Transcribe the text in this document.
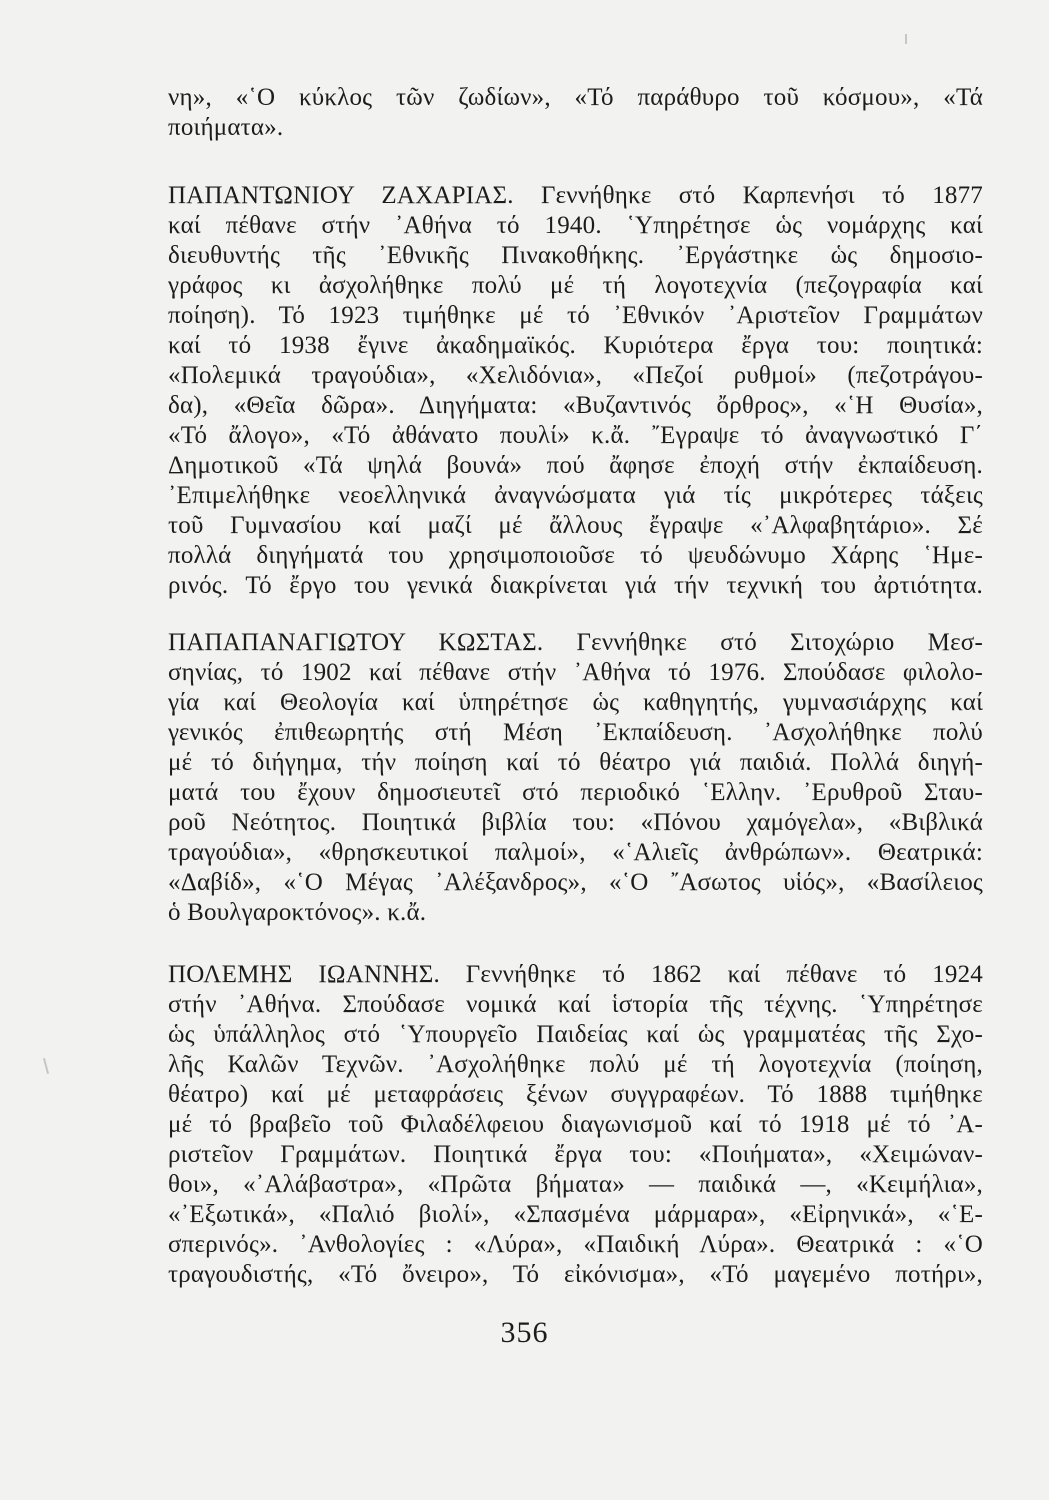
νη», «῾Ο κύκλος τῶν ζωδίων», «Τό παράθυρο τοῦ κόσμου», «Τά
ποιήματα».
ΠΑΠΑΝΤΩΝΙΟΥ ΖΑΧΑΡΙΑΣ. Γεννήθηκε στό Καρπενήσι τό 1877
καί πέθανε στήν ᾿Αθήνα τό 1940. ῾Υπηρέτησε ὡς νομάρχης καί
διευθυντής τῆς ᾿Εθνικῆς Πινακοθήκης. ᾿Εργάστηκε ὡς δημοσιο-
γράφος κι ἀσχολήθηκε πολύ μέ τή λογοτεχνία (πεζογραφία καί
ποίηση). Τό 1923 τιμήθηκε μέ τό ᾿Εθνικόν ᾿Αριστεῖον Γραμμάτων
καί τό 1938 ἔγινε ἀκαδημαϊκός. Κυριότερα ἔργα του: ποιητικά:
«Πολεμικά τραγούδια», «Χελιδόνια», «Πεζοί ρυθμοί» (πεζοτράγου-
δα), «Θεῖα δῶρα». Διηγήματα: «Βυζαντινός ὄρθρος», «῾Η Θυσία»,
«Τό ἄλογο», «Τό ἀθάνατο πουλί» κ.ἄ. ῎Εγραψε τό ἀναγνωστικό Γ΄
Δημοτικοῦ «Τά ψηλά βουνά» πού ἄφησε ἐποχή στήν ἐκπαίδευση.
᾿Επιμελήθηκε νεοελληνικά ἀναγνώσματα γιά τίς μικρότερες τάξεις
τοῦ Γυμνασίου καί μαζί μέ ἄλλους ἔγραψε «᾿Αλφαβητάριο». Σέ
πολλά διηγήματά του χρησιμοποιοῦσε τό ψευδώνυμο Χάρης ῾Ημε-
ρινός. Τό ἔργο του γενικά διακρίνεται γιά τήν τεχνική του ἀρτιότητα.
ΠΑΠΑΠΑΝΑΓΙΩΤΟΥ ΚΩΣΤΑΣ. Γεννήθηκε στό Σιτοχώριο Μεσ-
σηνίας, τό 1902 καί πέθανε στήν ᾿Αθήνα τό 1976. Σπούδασε φιλολο-
γία καί Θεολογία καί ὑπηρέτησε ὡς καθηγητής, γυμνασιάρχης καί
γενικός ἐπιθεωρητής στή Μέση ᾿Εκπαίδευση. ᾿Ασχολήθηκε πολύ
μέ τό διήγημα, τήν ποίηση καί τό θέατρο γιά παιδιά. Πολλά διηγή-
ματά του ἔχουν δημοσιευτεῖ στό περιοδικό ῾Ελλην. ᾿Ερυθροῦ Σταυ-
ροῦ Νεότητος. Ποιητικά βιβλία του: «Πόνου χαμόγελα», «Βιβλικά
τραγούδια», «θρησκευτικοί παλμοί», «῾Αλιεῖς ἀνθρώπων». Θεατρικά:
«Δαβίδ», «῾Ο Μέγας ᾿Αλέξανδρος», «῾Ο ῎Ασωτος υἱός», «Βασίλειος
ὁ Βουλγαροκτόνος». κ.ἄ.
ΠΟΛΕΜΗΣ ΙΩΑΝΝΗΣ. Γεννήθηκε τό 1862 καί πέθανε τό 1924
στήν ᾿Αθήνα. Σπούδασε νομικά καί ἱστορία τῆς τέχνης. ῾Υπηρέτησε
ὡς ὑπάλληλος στό ῾Υπουργεῖο Παιδείας καί ὡς γραμματέας τῆς Σχο-
λῆς Καλῶν Τεχνῶν. ᾿Ασχολήθηκε πολύ μέ τή λογοτεχνία (ποίηση,
θέατρο) καί μέ μεταφράσεις ξένων συγγραφέων. Τό 1888 τιμήθηκε
μέ τό βραβεῖο τοῦ Φιλαδέλφειου διαγωνισμοῦ καί τό 1918 μέ τό ᾿Α-
ριστεῖον Γραμμάτων. Ποιητικά ἔργα του: «Ποιήματα», «Χειμώναν-
θοι», «᾿Αλάβαστρα», «Πρῶτα βήματα» — παιδικά —, «Κειμήλια»,
«᾿Εξωτικά», «Παλιό βιολί», «Σπασμένα μάρμαρα», «Εἰρηνικά», «῾Ε-
σπερινός». ᾿Ανθολογίες : «Λύρα», «Παιδική Λύρα». Θεατρικά : «῾Ο
τραγουδιστής, «Τό ὄνειρο», Τό εἰκόνισμα», «Τό μαγεμένο ποτήρι»,
356
